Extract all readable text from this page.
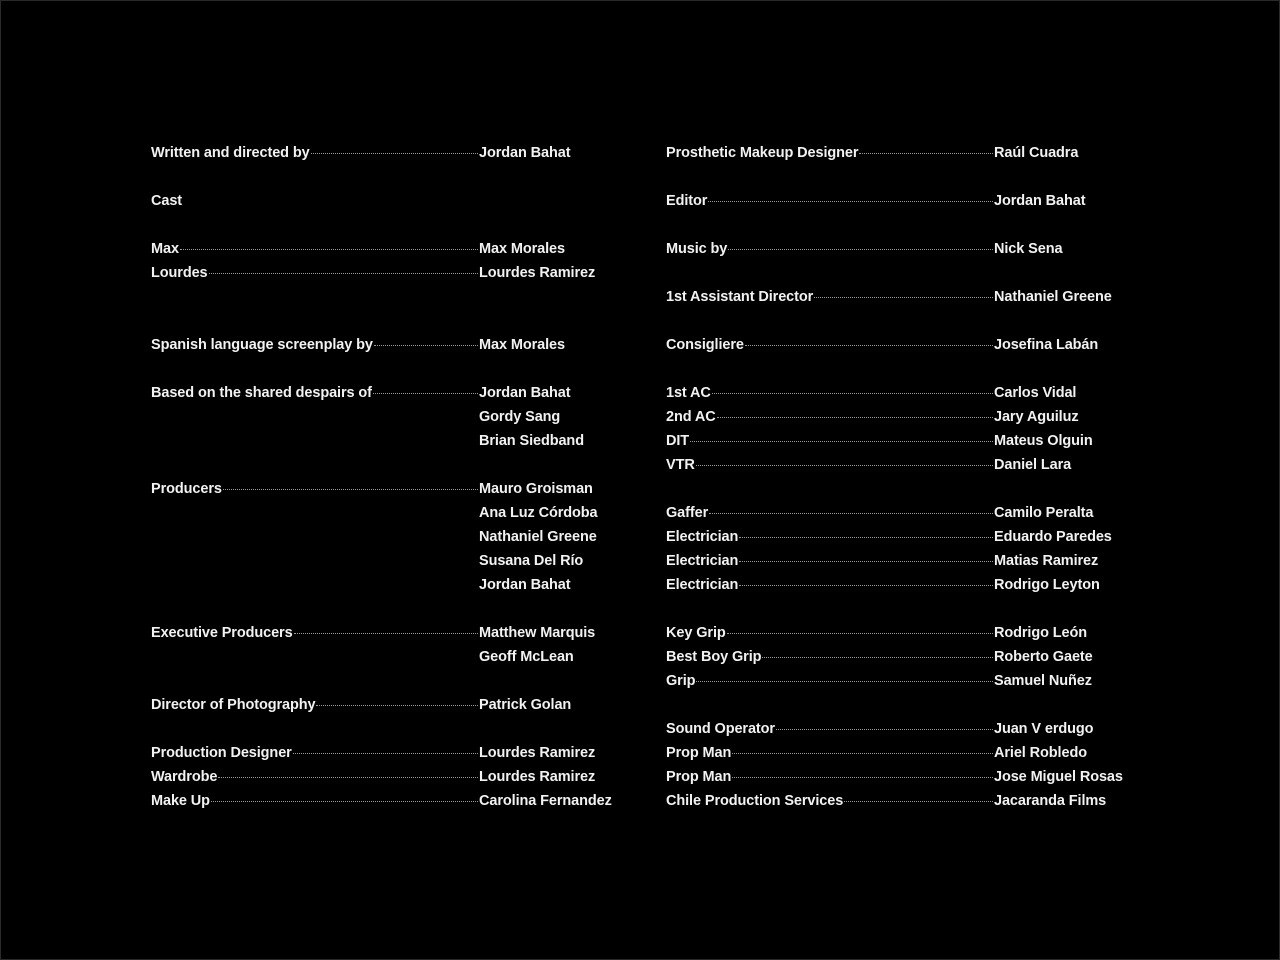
Written and directed by	Jordan Bahat
Cast
Max	Max Morales
Lourdes	Lourdes Ramirez
Spanish language screenplay by	Max Morales
Based on the shared despairs of	Jordan Bahat
Gordy Sang
Brian Siedband
Producers	Mauro Groisman
Ana Luz Córdoba
Nathaniel Greene
Susana Del Río
Jordan Bahat
Executive Producers	Matthew Marquis
Geoff McLean
Director of Photography	Patrick Golan
Production Designer	Lourdes Ramirez
Wardrobe	Lourdes Ramirez
Make Up	Carolina Fernandez
Prosthetic Makeup Designer	Raúl Cuadra
Editor	Jordan Bahat
Music by	Nick Sena
1st Assistant Director	Nathaniel Greene
Consigliere	Josefina Labán
1st AC	Carlos Vidal
2nd AC	Jary Aguiluz
DIT	Mateus Olguin
VTR	Daniel Lara
Gaffer	Camilo Peralta
Electrician	Eduardo Paredes
Electrician	Matias Ramirez
Electrician	Rodrigo Leyton
Key Grip	Rodrigo León
Best Boy Grip	Roberto Gaete
Grip	Samuel Nuñez
Sound Operator	Juan V erdugo
Prop Man	Ariel Robledo
Prop Man	Jose Miguel Rosas
Chile Production Services	Jacaranda Films
